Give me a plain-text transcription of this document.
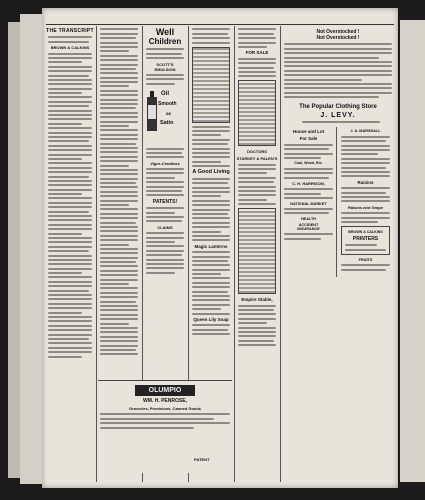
THE TRANSCRIPT

BROWN & CALKINS

Well

Children

SCOTT'S

EMULSION

Oil

Smooth

as

Satin

Vigor-Creatives

PATENTS!

CLAIMS

A Good Living

Magic Lanterns

Queen Lily Soap

FOR SALE

DOCTORS

STARKEY & PALEN'S

Empire Stable,

Not Overstocked !

Not Overstocked !

The Popular Clothing Store

J. LEVY.

House and Lot

For Sale

Coal, Wood, Etc.

C. H. HARRISON,

NATIONAL MARKET

HEALTH

ACCIDENT

INSURANCE

J. A. MARSHALL

Raisins

Raisins and Grape

BROWN & CALKINS

PRINTERS

FRUITS

OLUMPIO

WM. H. PENROSE,

Groceries, Provisions, Canned Goods

PATENT
